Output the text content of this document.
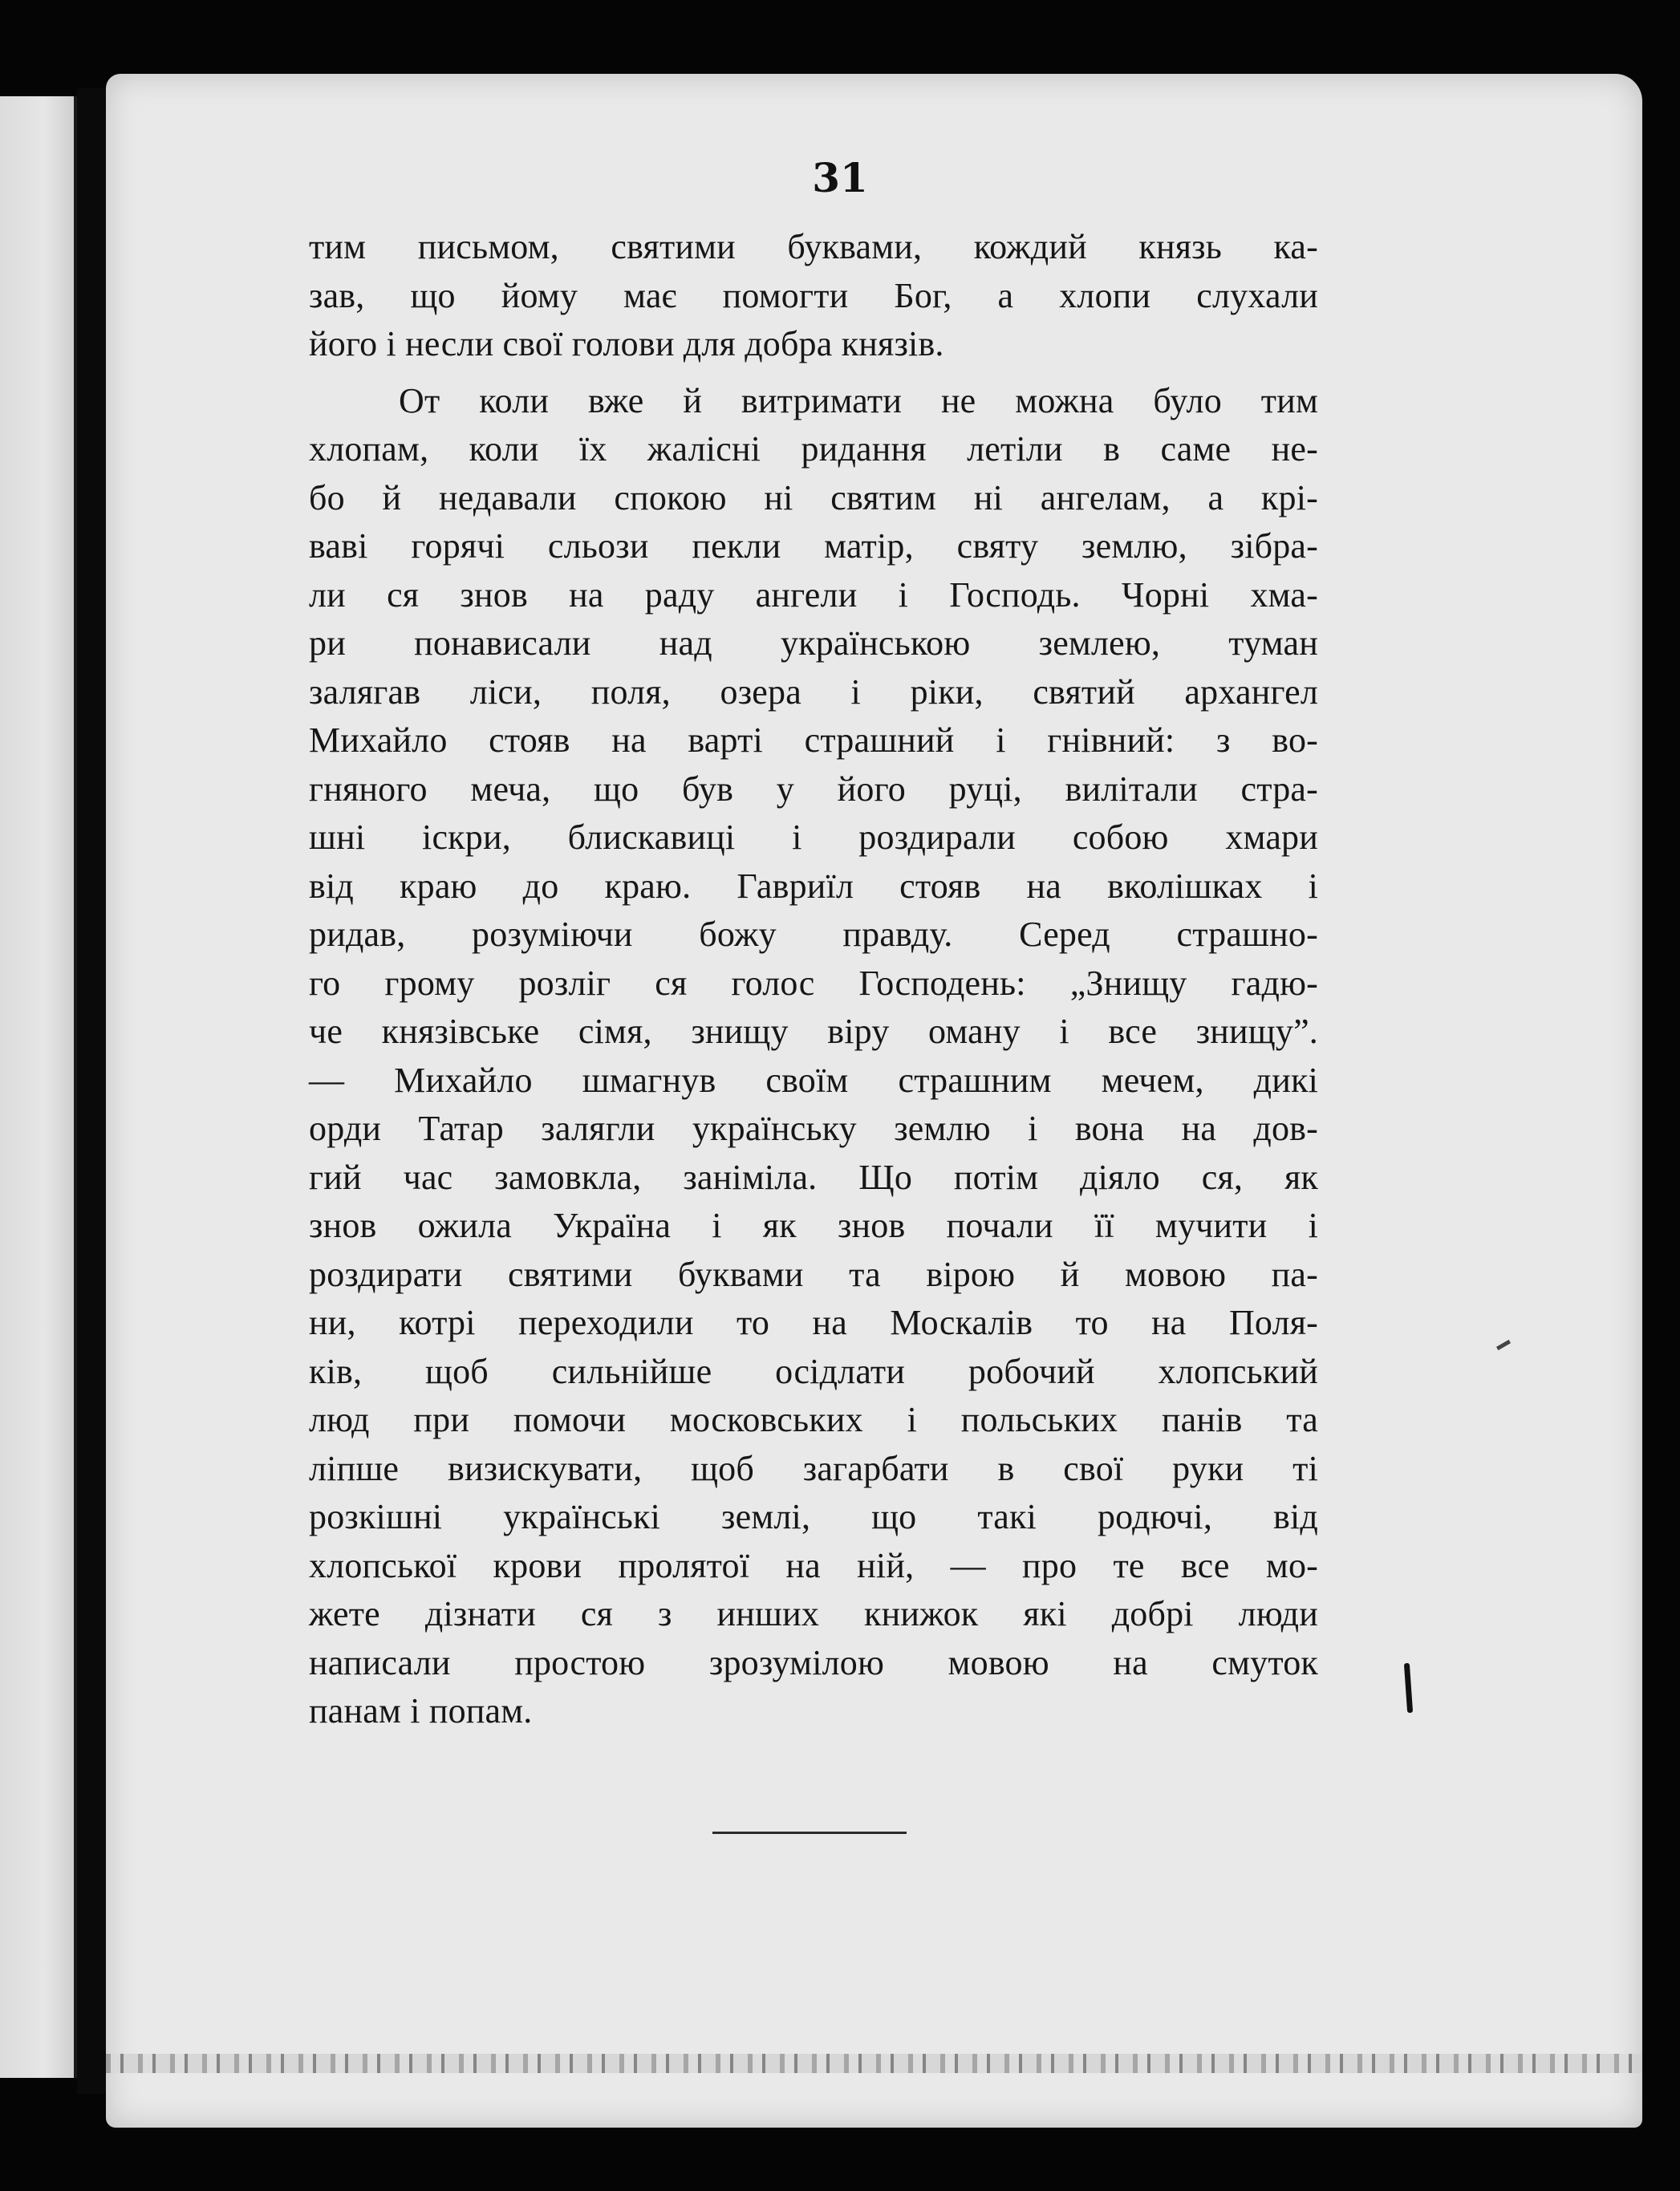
31
тим письмом, святими буквами, кождий князь ка-
зав, що йому має помогти Бог, а хлопи слухали
його і несли свої голови для добра князів.
От коли вже й витримати не можна було тим
хлопам, коли їх жалісні ридання летіли в саме не-
бо й недавали спокою ні святим ні ангелам, а крі-
ваві горячі сльози пекли матір, святу землю, зібра-
ли ся знов на раду ангели і Господь. Чорні хма-
ри понависали над українською землею, туман
залягав ліси, поля, озера і ріки, святий архангел
Михайло стояв на варті страшний і гнівний: з во-
гняного меча, що був у його руці, вилітали стра-
шні іскри, блискавиці і роздирали собою хмари
від краю до краю. Гавриїл стояв на вколішках і
ридав, розуміючи божу правду. Серед страшно-
го грому розліг ся голос Господень: „Знищу гадю-
че князівське сімя, знищу віру оману і все знищу”.
— Михайло шмагнув своїм страшним мечем, дикі
орди Татар залягли українську землю і вона на дов-
гий час замовкла, заніміла. Що потім діяло ся, як
знов ожила Україна і як знов почали її мучити і
роздирати святими буквами та вірою й мовою па-
ни, котрі переходили то на Москалів то на Поля-
ків, щоб сильнійше осідлати робочий хлопський
люд при помочи московських і польських панів та
ліпше визискувати, щоб загарбати в свої руки ті
розкішні українські землі, що такі родючі, від
хлопської крови пролятої на ній, — про те все мо-
жете дізнати ся з инших книжок які добрі люди
написали простою зрозумілою мовою на смуток
панам і попам.
